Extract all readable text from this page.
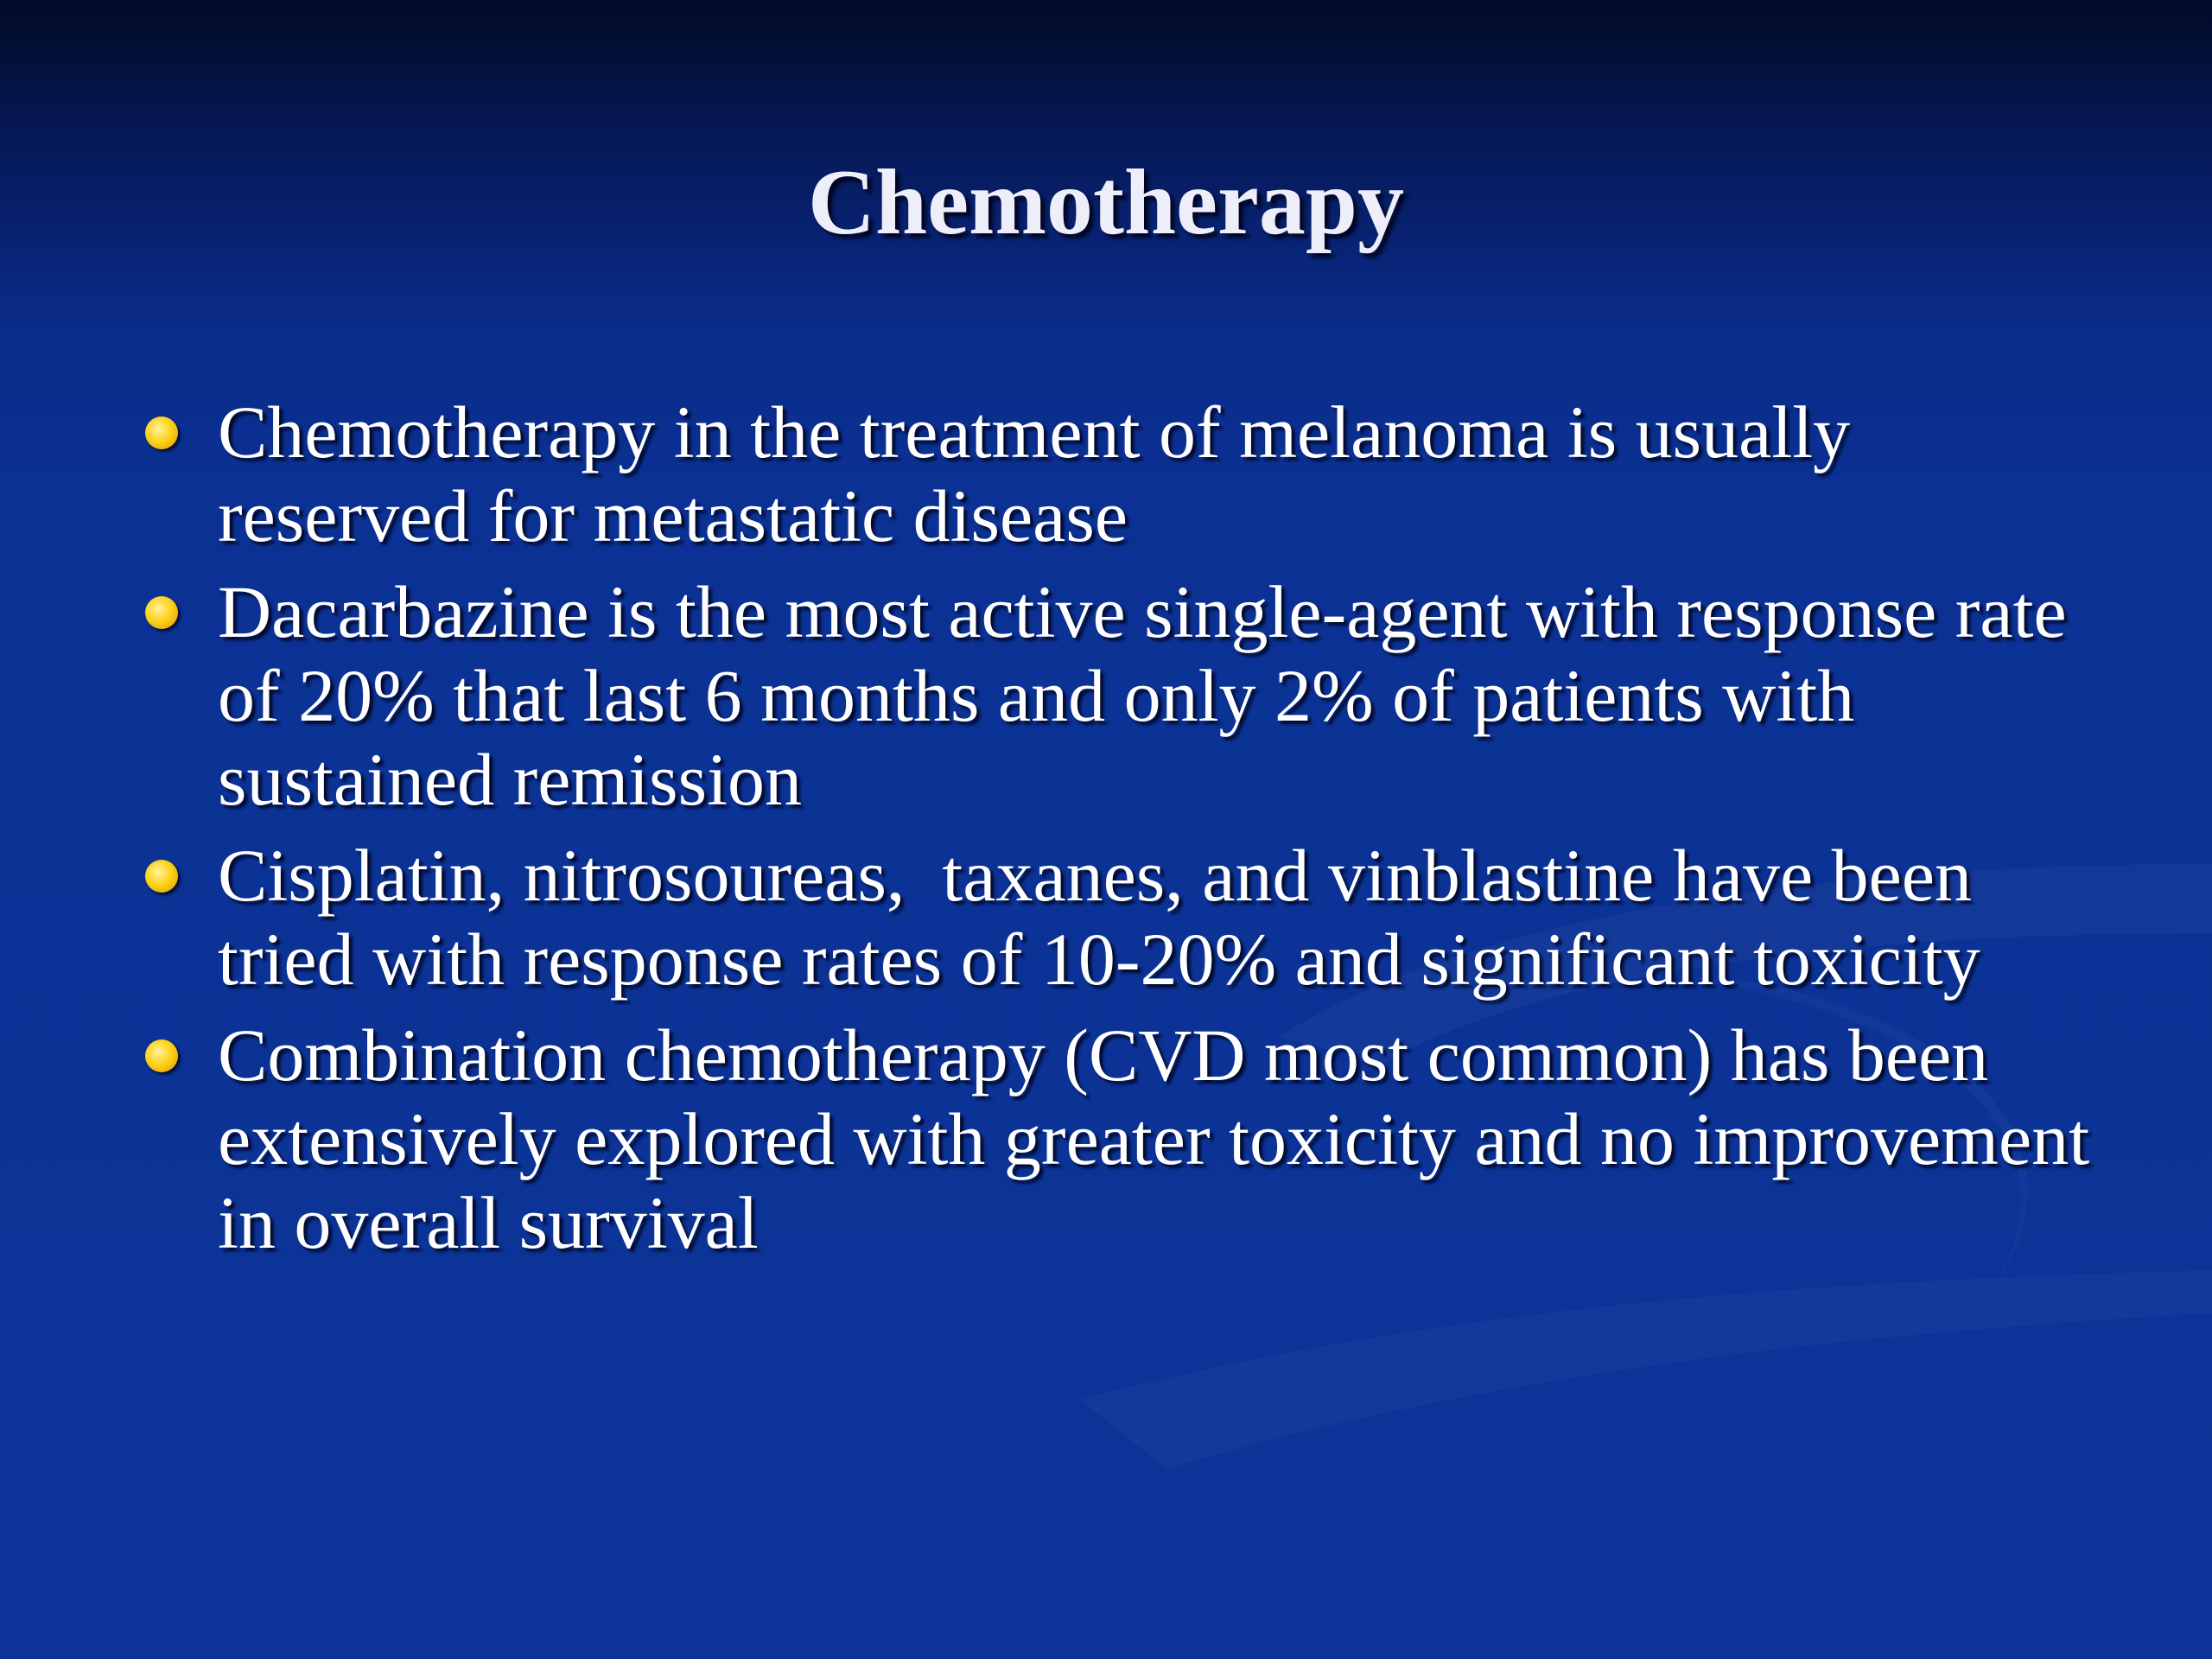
Chemotherapy
Chemotherapy in the treatment of melanoma is usually reserved for metastatic disease
Dacarbazine is the most active single-agent with response rate of 20% that last 6 months and only 2% of patients with sustained remission
Cisplatin, nitrosoureas,  taxanes, and vinblastine have been tried with response rates of 10-20% and significant toxicity
Combination chemotherapy (CVD most common) has been extensively explored with greater toxicity and no improvement in overall survival
